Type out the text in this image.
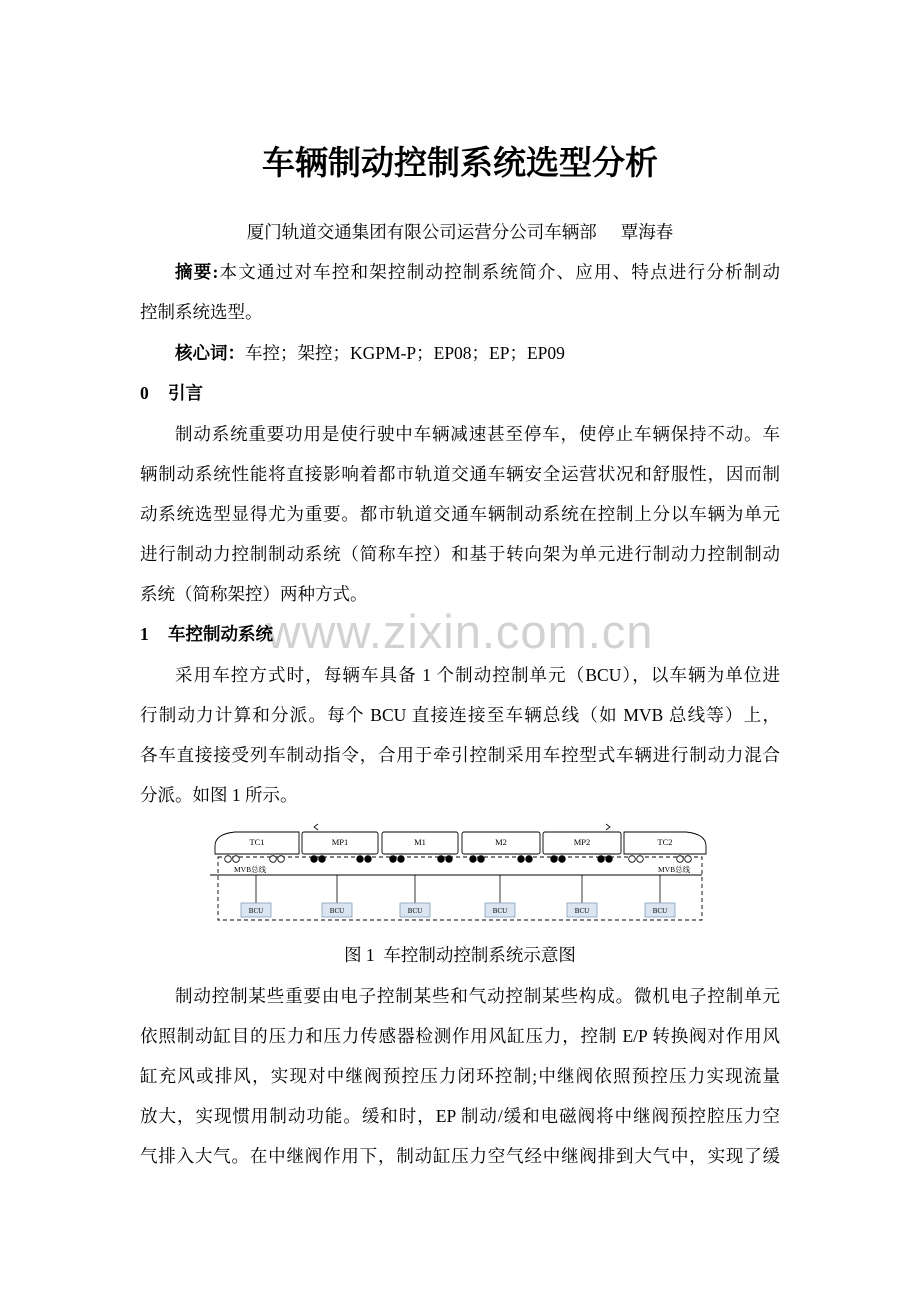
www.zixin.com.cn
车辆制动控制系统选型分析
厦门轨道交通集团有限公司运营分公司车辆部 覃海春
摘要:本文通过对车控和架控制动控制系统简介、应用、特点进行分析制动
控制系统选型。
核心词：车控；架控；KGPM-P；EP08；EP；EP09
0 引言
制动系统重要功用是使行驶中车辆减速甚至停车，使停止车辆保持不动。车
辆制动系统性能将直接影响着都市轨道交通车辆安全运营状况和舒服性，因而制
动系统选型显得尤为重要。都市轨道交通车辆制动系统在控制上分以车辆为单元
进行制动力控制制动系统（简称车控）和基于转向架为单元进行制动力控制制动
系统（简称架控）两种方式。
1 车控制动系统
采用车控方式时，每辆车具备 1 个制动控制单元（BCU），以车辆为单位进
行制动力计算和分派。每个 BCU 直接连接至车辆总线（如 MVB 总线等）上，
各车直接接受列车制动指令，合用于牵引控制采用车控型式车辆进行制动力混合
分派。如图 1 所示。
TC1	MP1	M1	M2	MP2	TC2
MVB总线	MVB总线
BCU	BCU	BCU	BCU	BCU	BCU
图 1  车控制动控制系统示意图
制动控制某些重要由电子控制某些和气动控制某些构成。微机电子控制单元
依照制动缸目的压力和压力传感器检测作用风缸压力，控制 E/P 转换阀对作用风
缸充风或排风，实现对中继阀预控压力闭环控制;中继阀依照预控压力实现流量
放大，实现惯用制动功能。缓和时，EP 制动/缓和电磁阀将中继阀预控腔压力空
气排入大气。在中继阀作用下，制动缸压力空气经中继阀排到大气中，实现了缓
